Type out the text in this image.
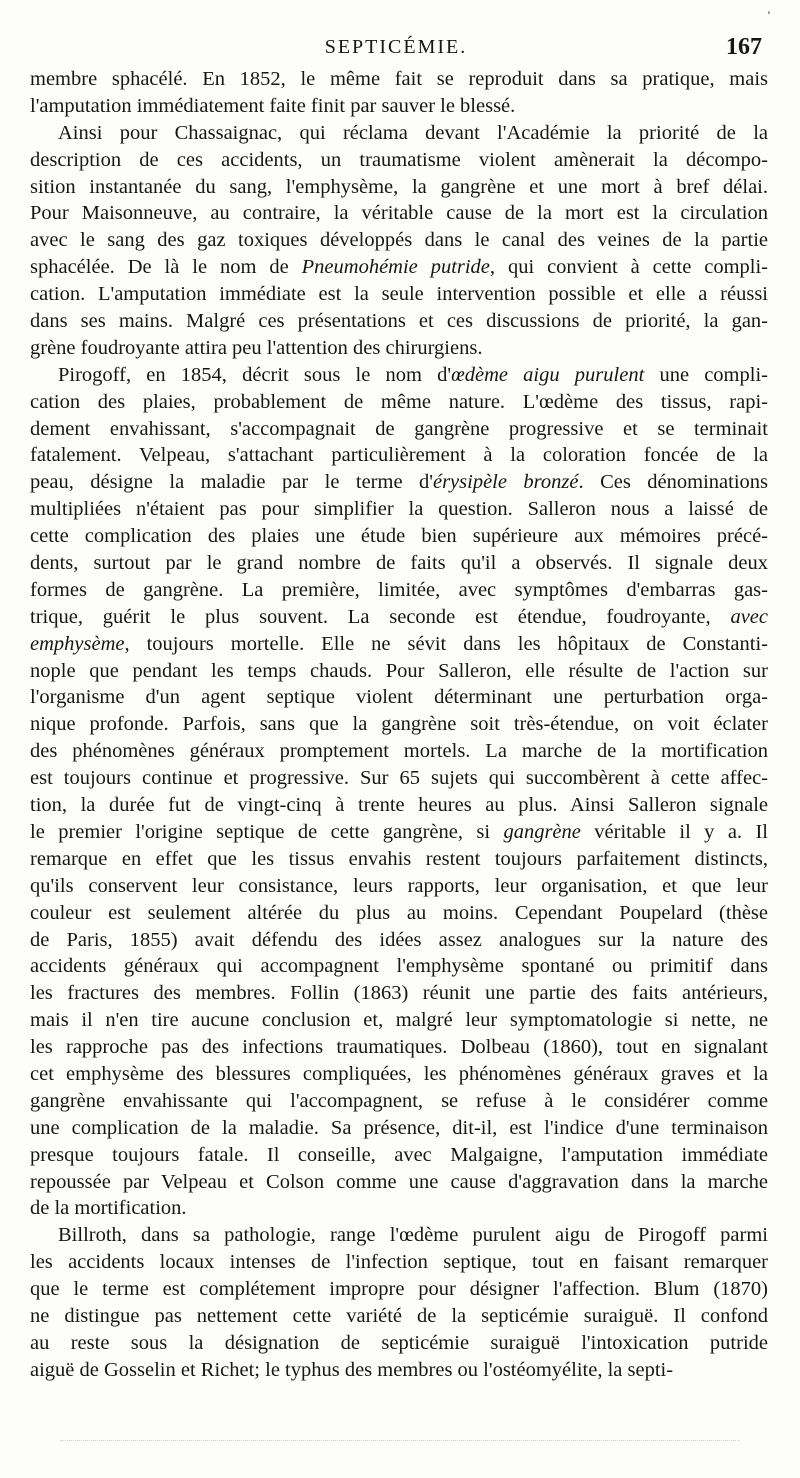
SEPTICÉMIE.	167
'
membre sphacélé. En 1852, le même fait se reproduit dans sa pratique, mais
l'amputation immédiatement faite finit par sauver le blessé.
Ainsi pour Chassaignac, qui réclama devant l'Académie la priorité de la
description de ces accidents, un traumatisme violent amènerait la décompo-
sition instantanée du sang, l'emphysème, la gangrène et une mort à bref délai.
Pour Maisonneuve, au contraire, la véritable cause de la mort est la circulation
avec le sang des gaz toxiques développés dans le canal des veines de la partie
sphacélée. De là le nom de Pneumohémie putride, qui convient à cette compli-
cation. L'amputation immédiate est la seule intervention possible et elle a réussi
dans ses mains. Malgré ces présentations et ces discussions de priorité, la gan-
grène foudroyante attira peu l'attention des chirurgiens.
Pirogoff, en 1854, décrit sous le nom d'œdème aigu purulent une compli-
cation des plaies, probablement de même nature. L'œdème des tissus, rapi-
dement envahissant, s'accompagnait de gangrène progressive et se terminait
fatalement. Velpeau, s'attachant particulièrement à la coloration foncée de la
peau, désigne la maladie par le terme d'érysipèle bronzé. Ces dénominations
multipliées n'étaient pas pour simplifier la question. Salleron nous a laissé de
cette complication des plaies une étude bien supérieure aux mémoires précé-
dents, surtout par le grand nombre de faits qu'il a observés. Il signale deux
formes de gangrène. La première, limitée, avec symptômes d'embarras gas-
trique, guérit le plus souvent. La seconde est étendue, foudroyante, avec
emphysème, toujours mortelle. Elle ne sévit dans les hôpitaux de Constanti-
nople que pendant les temps chauds. Pour Salleron, elle résulte de l'action sur
l'organisme d'un agent septique violent déterminant une perturbation orga-
nique profonde. Parfois, sans que la gangrène soit très-étendue, on voit éclater
des phénomènes généraux promptement mortels. La marche de la mortification
est toujours continue et progressive. Sur 65 sujets qui succombèrent à cette affec-
tion, la durée fut de vingt-cinq à trente heures au plus. Ainsi Salleron signale
le premier l'origine septique de cette gangrène, si gangrène véritable il y a. Il
remarque en effet que les tissus envahis restent toujours parfaitement distincts,
qu'ils conservent leur consistance, leurs rapports, leur organisation, et que leur
couleur est seulement altérée du plus au moins. Cependant Poupelard (thèse
de Paris, 1855) avait défendu des idées assez analogues sur la nature des
accidents généraux qui accompagnent l'emphysème spontané ou primitif dans
les fractures des membres. Follin (1863) réunit une partie des faits antérieurs,
mais il n'en tire aucune conclusion et, malgré leur symptomatologie si nette, ne
les rapproche pas des infections traumatiques. Dolbeau (1860), tout en signalant
cet emphysème des blessures compliquées, les phénomènes généraux graves et la
gangrène envahissante qui l'accompagnent, se refuse à le considérer comme
une complication de la maladie. Sa présence, dit-il, est l'indice d'une terminaison
presque toujours fatale. Il conseille, avec Malgaigne, l'amputation immédiate
repoussée par Velpeau et Colson comme une cause d'aggravation dans la marche
de la mortification.
Billroth, dans sa pathologie, range l'œdème purulent aigu de Pirogoff parmi
les accidents locaux intenses de l'infection septique, tout en faisant remarquer
que le terme est complétement impropre pour désigner l'affection. Blum (1870)
ne distingue pas nettement cette variété de la septicémie suraiguë. Il confond
au reste sous la désignation de septicémie suraiguë l'intoxication putride
aiguë de Gosselin et Richet; le typhus des membres ou l'ostéomyélite, la septi-
